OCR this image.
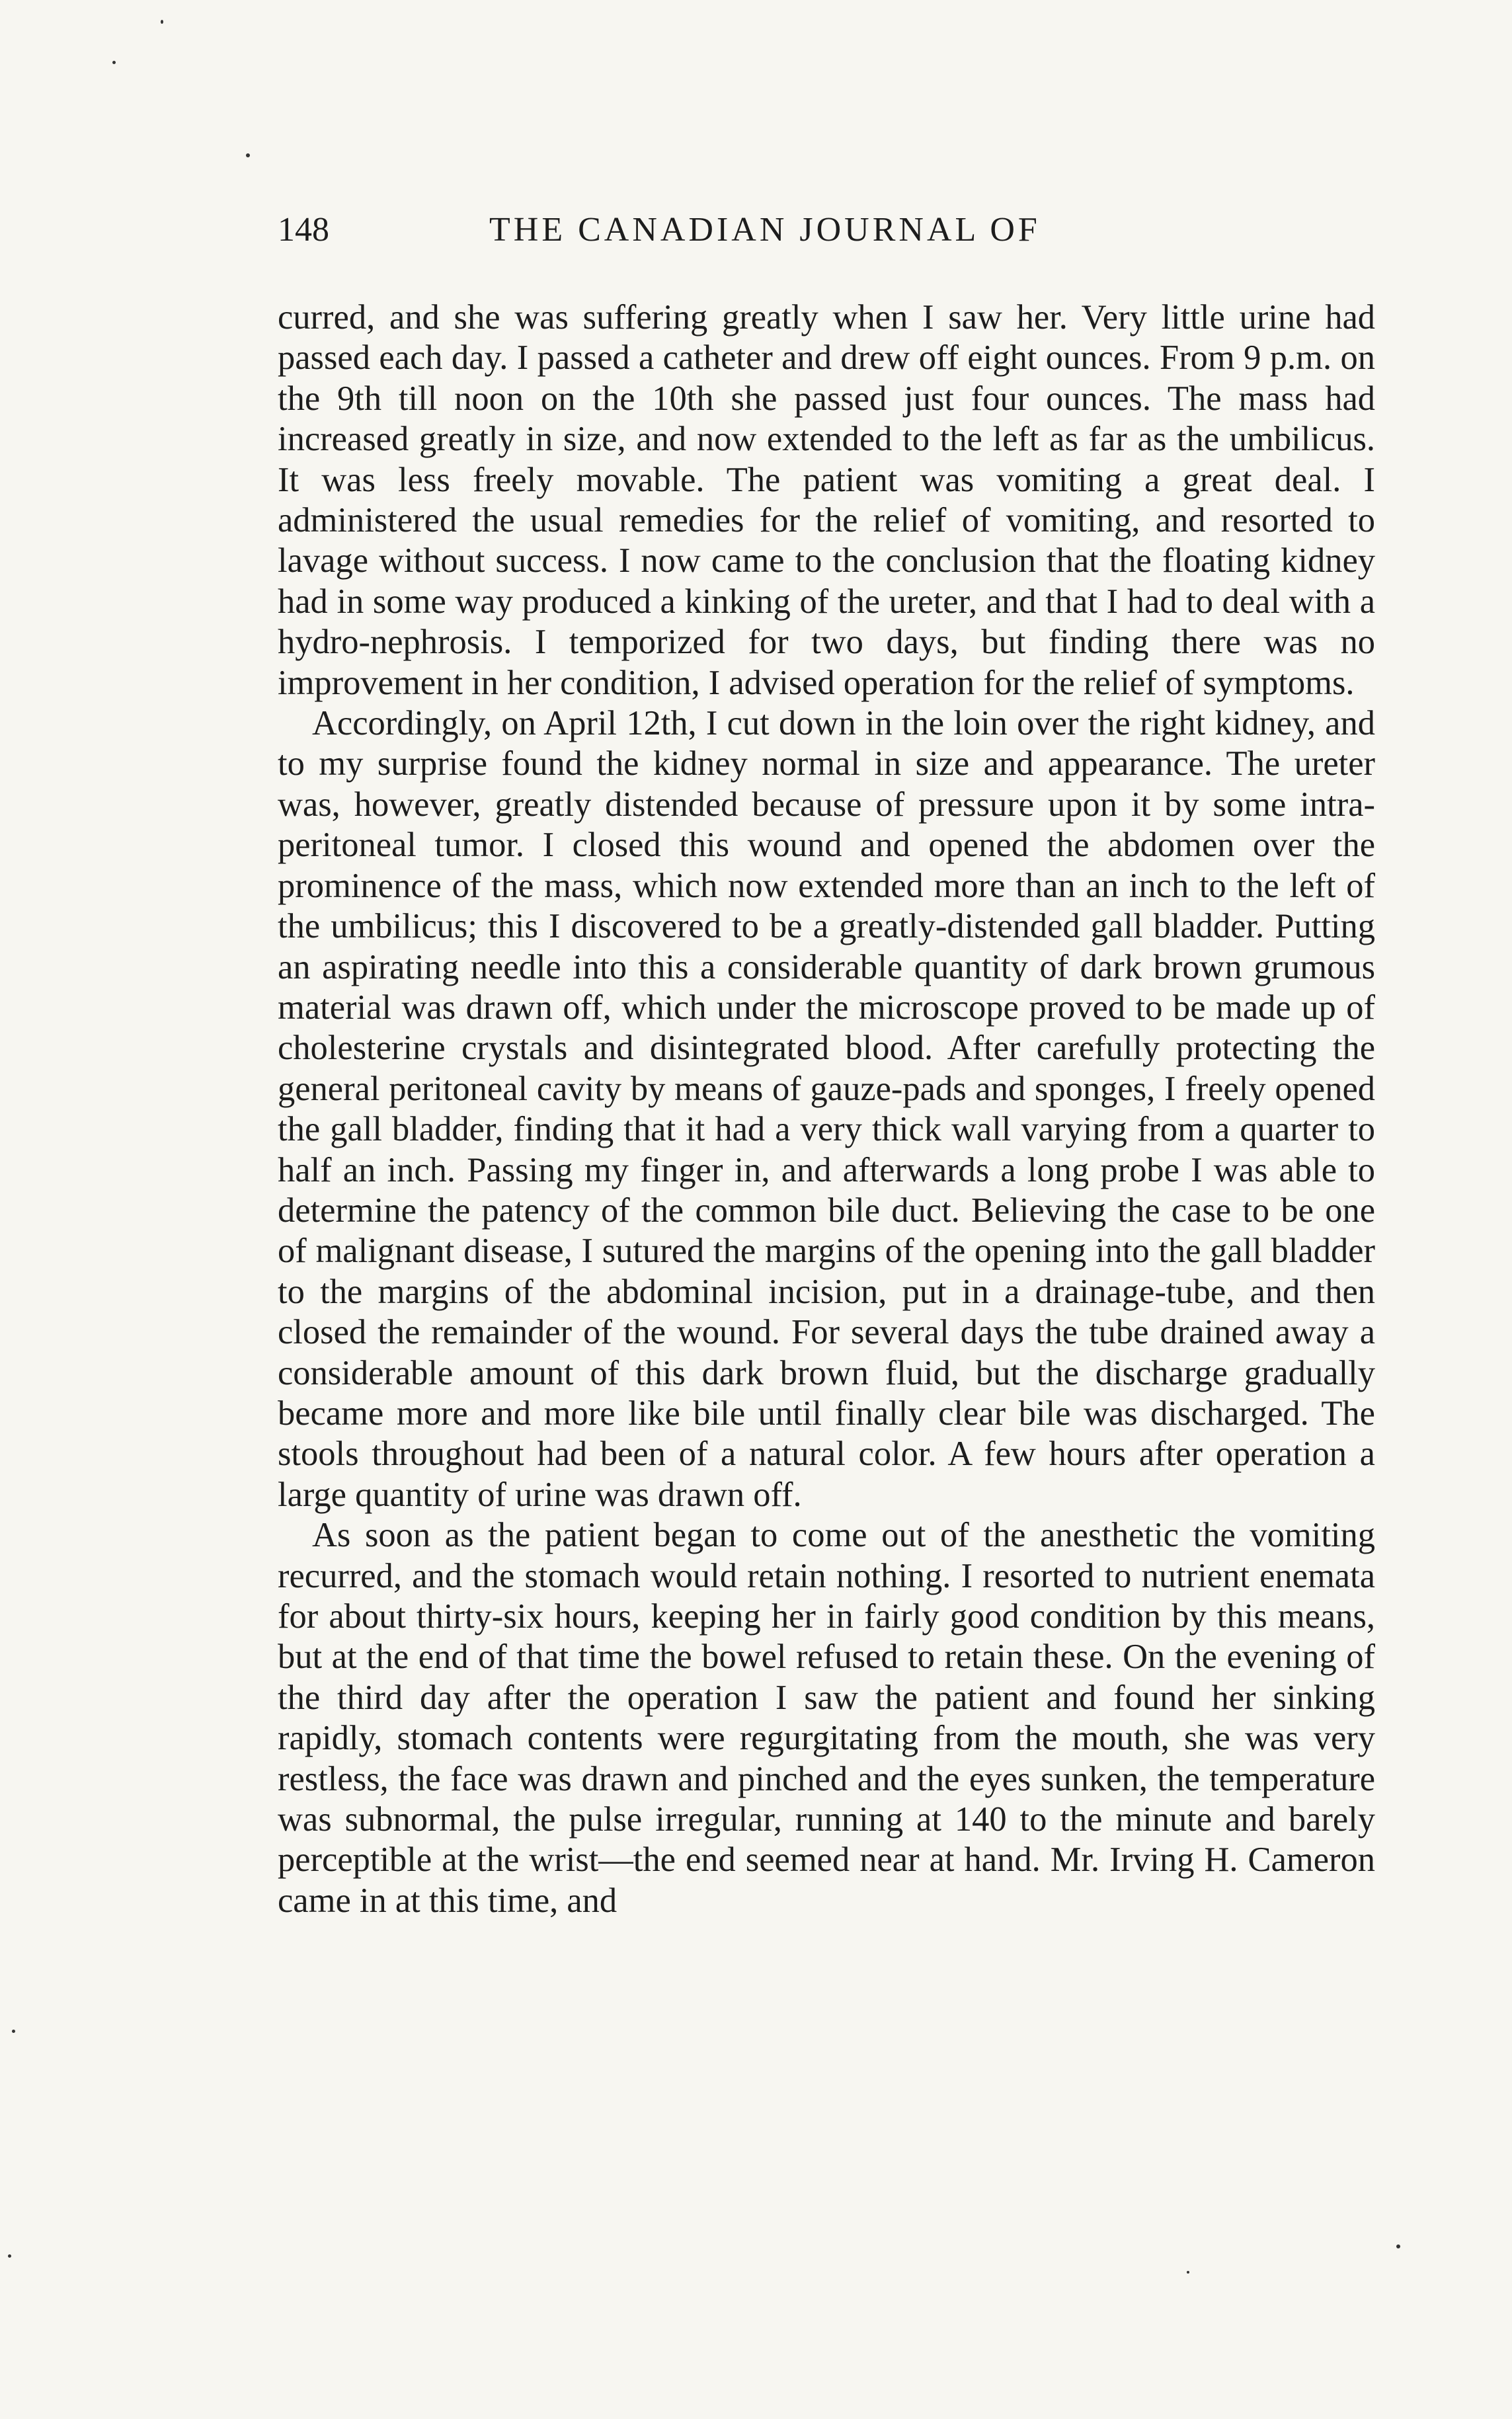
148	THE CANADIAN JOURNAL OF

curred, and she was suffering greatly when I saw her. Very little urine had passed each day. I passed a catheter and drew off eight ounces. From 9 p.m. on the 9th till noon on the 10th she passed just four ounces. The mass had increased greatly in size, and now extended to the left as far as the umbilicus. It was less freely movable. The patient was vomiting a great deal. I administered the usual remedies for the relief of vomiting, and resorted to lavage without success. I now came to the conclusion that the floating kidney had in some way produced a kinking of the ureter, and that I had to deal with a hydro-nephrosis. I temporized for two days, but finding there was no improvement in her condition, I advised operation for the relief of symptoms.

Accordingly, on April 12th, I cut down in the loin over the right kidney, and to my surprise found the kidney normal in size and appearance. The ureter was, however, greatly distended because of pressure upon it by some intra-peritoneal tumor. I closed this wound and opened the abdomen over the prominence of the mass, which now extended more than an inch to the left of the umbilicus; this I discovered to be a greatly-distended gall bladder. Putting an aspirating needle into this a considerable quantity of dark brown grumous material was drawn off, which under the microscope proved to be made up of cholesterine crystals and disintegrated blood. After carefully protecting the general peritoneal cavity by means of gauze-pads and sponges, I freely opened the gall bladder, finding that it had a very thick wall varying from a quarter to half an inch. Passing my finger in, and afterwards a long probe I was able to determine the patency of the common bile duct. Believing the case to be one of malignant disease, I sutured the margins of the opening into the gall bladder to the margins of the abdominal incision, put in a drainage-tube, and then closed the remainder of the wound. For several days the tube drained away a considerable amount of this dark brown fluid, but the discharge gradually became more and more like bile until finally clear bile was discharged. The stools throughout had been of a natural color. A few hours after operation a large quantity of urine was drawn off.

As soon as the patient began to come out of the anesthetic the vomiting recurred, and the stomach would retain nothing. I resorted to nutrient enemata for about thirty-six hours, keeping her in fairly good condition by this means, but at the end of that time the bowel refused to retain these. On the evening of the third day after the operation I saw the patient and found her sinking rapidly, stomach contents were regurgitating from the mouth, she was very restless, the face was drawn and pinched and the eyes sunken, the temperature was subnormal, the pulse irregular, running at 140 to the minute and barely perceptible at the wrist—the end seemed near at hand. Mr. Irving H. Cameron came in at this time, and
